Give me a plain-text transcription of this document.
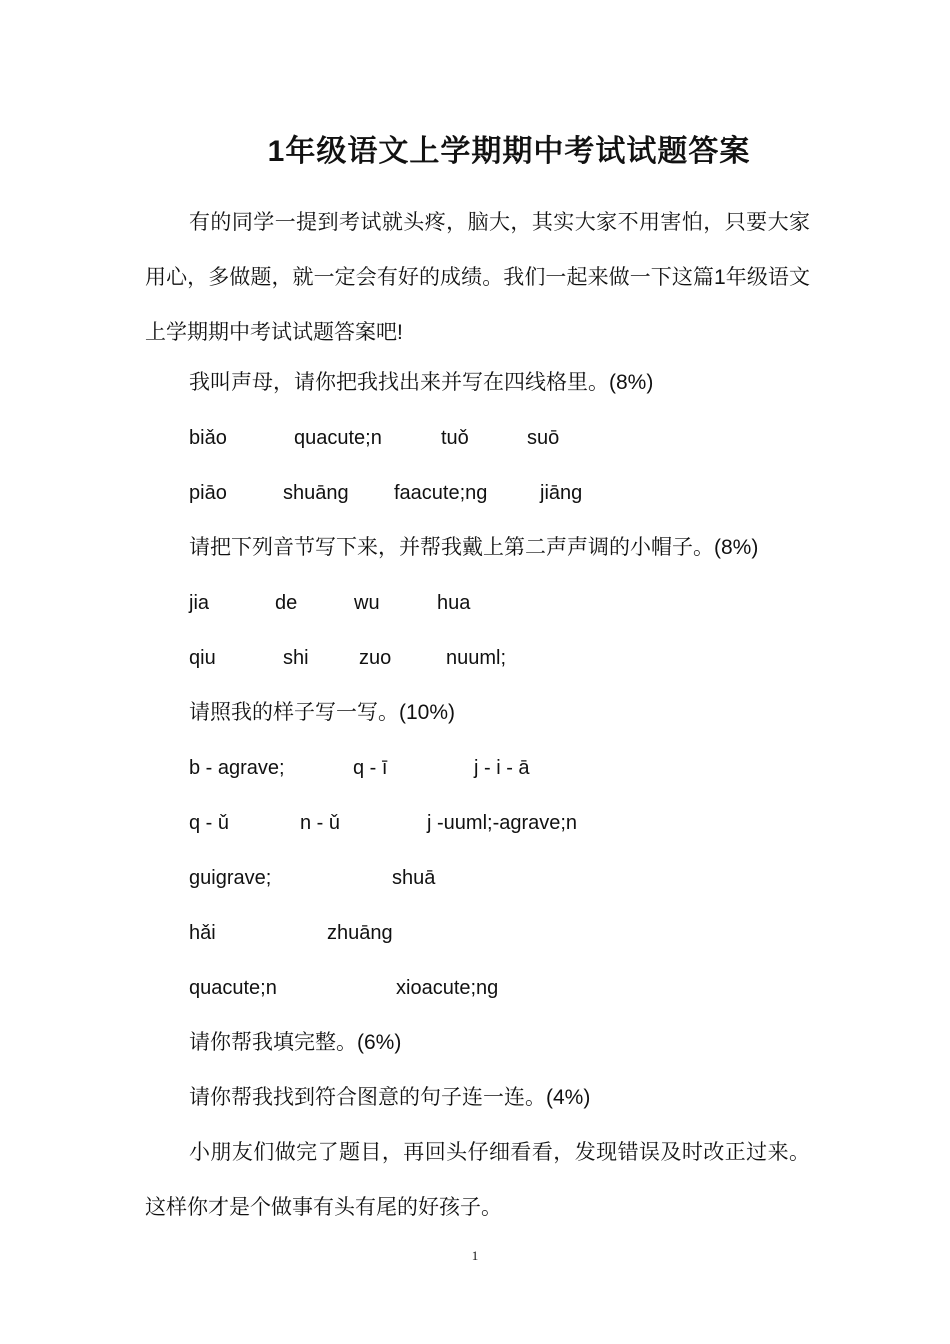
1年级语文上学期期中考试试题答案
有的同学一提到考试就头疼，脑大，其实大家不用害怕，只要大家用心，多做题，就一定会有好的成绩。我们一起来做一下这篇1年级语文上学期期中考试试题答案吧!
我叫声母，请你把我找出来并写在四线格里。(8%)
biǎo	quacute;n	tuǒ	suō
piāo	shuāng faacute;ng	jiāng
请把下列音节写下来，并帮我戴上第二声声调的小帽子。(8%)
jia	de	wu	hua
qiu	shi	zuo	nuuml;
请照我的样子写一写。(10%)
b - agrave;	q - ī	j - i - ā
q - ǔ	n - ǔ	j -uuml;-agrave;n
guigrave;	shuā
hǎi	zhuāng
quacute;n	xioacute;ng
请你帮我填完整。(6%)
请你帮我找到符合图意的句子连一连。(4%)
小朋友们做完了题目，再回头仔细看看，发现错误及时改正过来。这样你才是个做事有头有尾的好孩子。
1
